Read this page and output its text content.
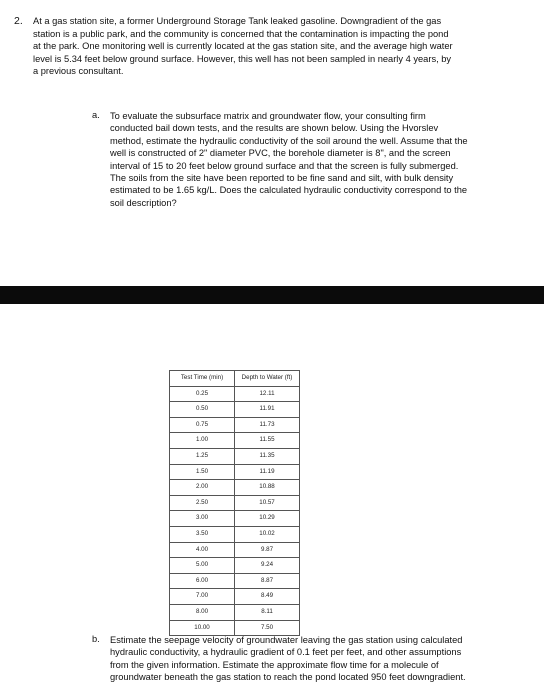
2. At a gas station site, a former Underground Storage Tank leaked gasoline. Downgradient of the gas station is a public park, and the community is concerned that the contamination is impacting the pond at the park. One monitoring well is currently located at the gas station site, and the average high water level is 5.34 feet below ground surface. However, this well has not been sampled in nearly 4 years, by a previous consultant.

a. To evaluate the subsurface matrix and groundwater flow, your consulting firm conducted bail down tests, and the results are shown below. Using the Hvorslev method, estimate the hydraulic conductivity of the soil around the well. Assume that the well is constructed of 2" diameter PVC, the borehole diameter is 8", and the screen interval of 15 to 20 feet below ground surface and that the screen is fully submerged. The soils from the site have been reported to be fine sand and silt, with bulk density estimated to be 1.65 kg/L. Does the calculated hydraulic conductivity correspond to the soil description?

Test Time (min)	Depth to Water (ft)
0.25	12.11
0.50	11.91
0.75	11.73
1.00	11.55
1.25	11.35
1.50	11.19
2.00	10.88
2.50	10.57
3.00	10.29
3.50	10.02
4.00	9.87
5.00	9.24
6.00	8.87
7.00	8.49
8.00	8.11
10.00	7.50
b. Estimate the seepage velocity of groundwater leaving the gas station using calculated hydraulic conductivity, a hydraulic gradient of 0.1 feet per feet, and other assumptions from the given information. Estimate the approximate flow time for a molecule of groundwater beneath the gas station to reach the pond located 950 feet downgradient.
